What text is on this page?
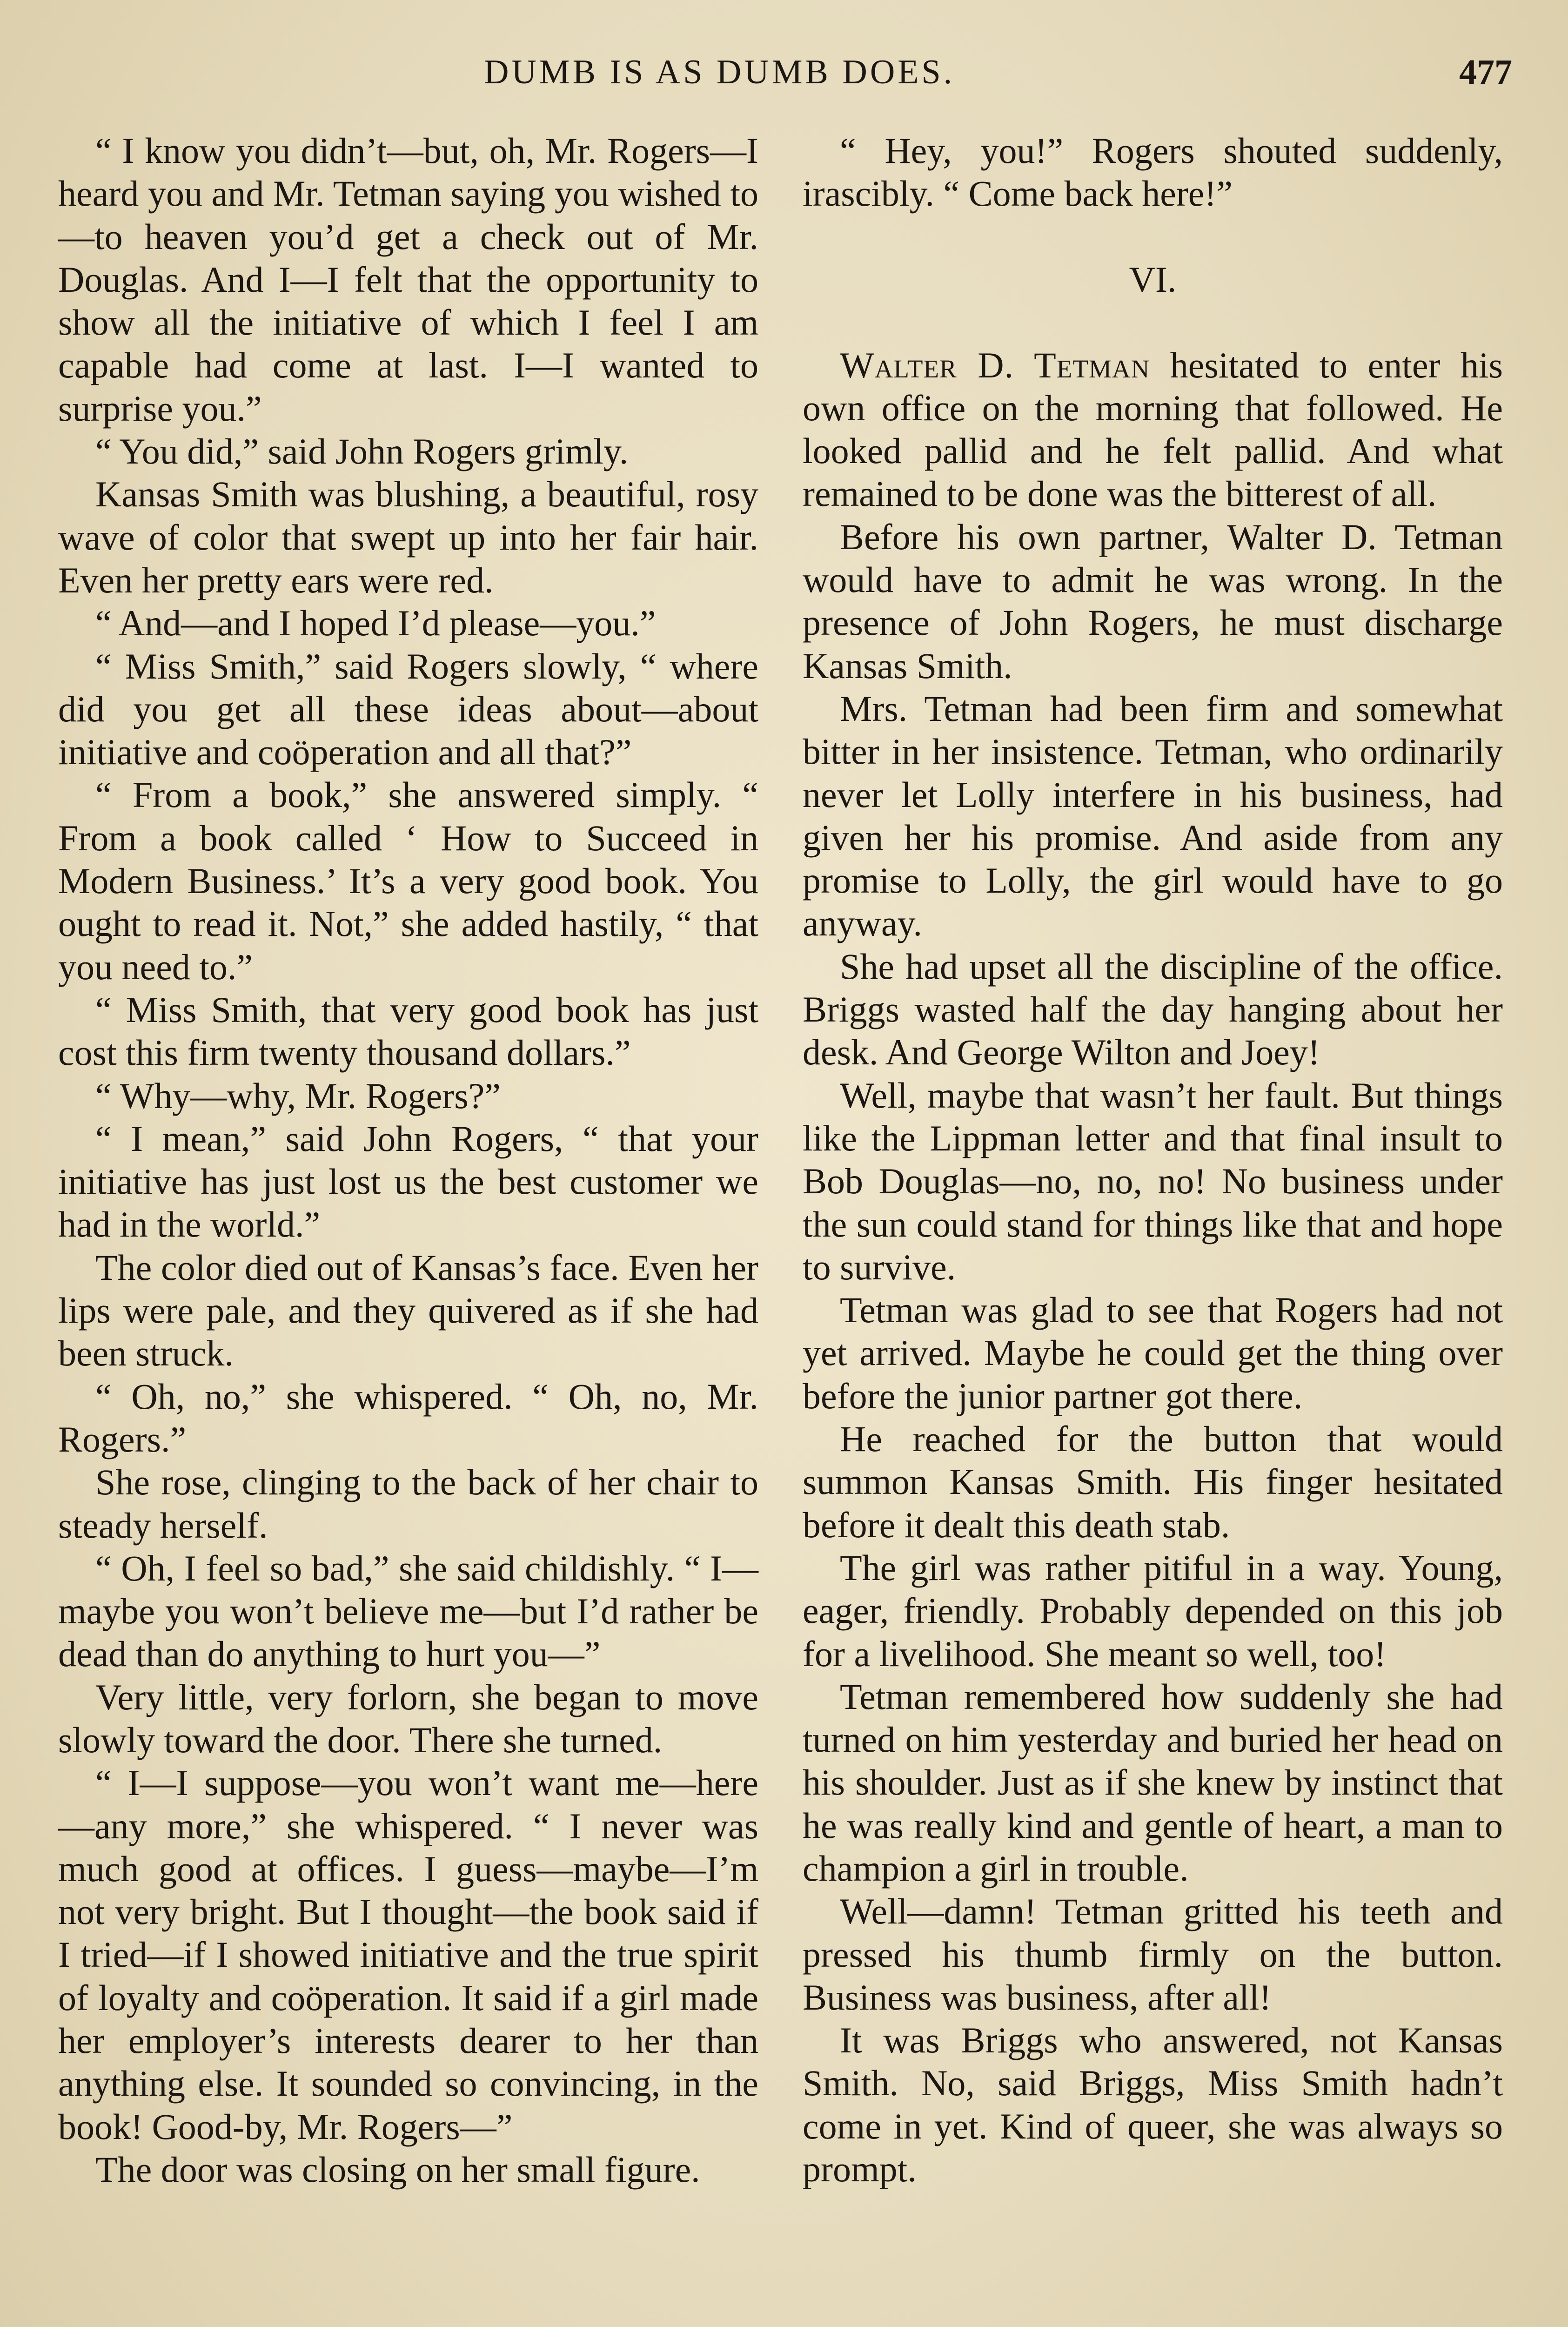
DUMB IS AS DUMB DOES.	477

“ I know you didn’t—but, oh, Mr. Rogers—I heard you and Mr. Tetman saying you wished to—to heaven you’d get a check out of Mr. Douglas. And I—I felt that the opportunity to show all the initiative of which I feel I am capable had come at last. I—I wanted to surprise you.”

“ You did,” said John Rogers grimly.

Kansas Smith was blushing, a beautiful, rosy wave of color that swept up into her fair hair. Even her pretty ears were red.

“ And—and I hoped I’d please—you.”

“ Miss Smith,” said Rogers slowly, “ where did you get all these ideas about—about initiative and coöperation and all that?”

“ From a book,” she answered simply. “ From a book called ‘ How to Succeed in Modern Business.’ It’s a very good book. You ought to read it. Not,” she added hastily, “ that you need to.”

“ Miss Smith, that very good book has just cost this firm twenty thousand dollars.”

“ Why—why, Mr. Rogers?”

“ I mean,” said John Rogers, “ that your initiative has just lost us the best customer we had in the world.”

The color died out of Kansas’s face. Even her lips were pale, and they quivered as if she had been struck.

“ Oh, no,” she whispered. “ Oh, no, Mr. Rogers.”

She rose, clinging to the back of her chair to steady herself.

“ Oh, I feel so bad,” she said childishly. “ I—maybe you won’t believe me—but I’d rather be dead than do anything to hurt you—”

Very little, very forlorn, she began to move slowly toward the door. There she turned.

“ I—I suppose—you won’t want me—here—any more,” she whispered. “ I never was much good at offices. I guess—maybe—I’m not very bright. But I thought—the book said if I tried—if I showed initiative and the true spirit of loyalty and coöperation. It said if a girl made her employer’s interests dearer to her than anything else. It sounded so convincing, in the book! Good-by, Mr. Rogers—”

The door was closing on her small figure.

“ Hey, you!” Rogers shouted suddenly, irascibly. “ Come back here!”

VI.

Walter D. Tetman hesitated to enter his own office on the morning that followed. He looked pallid and he felt pallid. And what remained to be done was the bitterest of all.

Before his own partner, Walter D. Tetman would have to admit he was wrong. In the presence of John Rogers, he must discharge Kansas Smith.

Mrs. Tetman had been firm and somewhat bitter in her insistence. Tetman, who ordinarily never let Lolly interfere in his business, had given her his promise. And aside from any promise to Lolly, the girl would have to go anyway.

She had upset all the discipline of the office. Briggs wasted half the day hanging about her desk. And George Wilton and Joey!

Well, maybe that wasn’t her fault. But things like the Lippman letter and that final insult to Bob Douglas—no, no, no! No business under the sun could stand for things like that and hope to survive.

Tetman was glad to see that Rogers had not yet arrived. Maybe he could get the thing over before the junior partner got there.

He reached for the button that would summon Kansas Smith. His finger hesitated before it dealt this death stab.

The girl was rather pitiful in a way. Young, eager, friendly. Probably depended on this job for a livelihood. She meant so well, too!

Tetman remembered how suddenly she had turned on him yesterday and buried her head on his shoulder. Just as if she knew by instinct that he was really kind and gentle of heart, a man to champion a girl in trouble.

Well—damn! Tetman gritted his teeth and pressed his thumb firmly on the button. Business was business, after all!

It was Briggs who answered, not Kansas Smith. No, said Briggs, Miss Smith hadn’t come in yet. Kind of queer, she was always so prompt.
